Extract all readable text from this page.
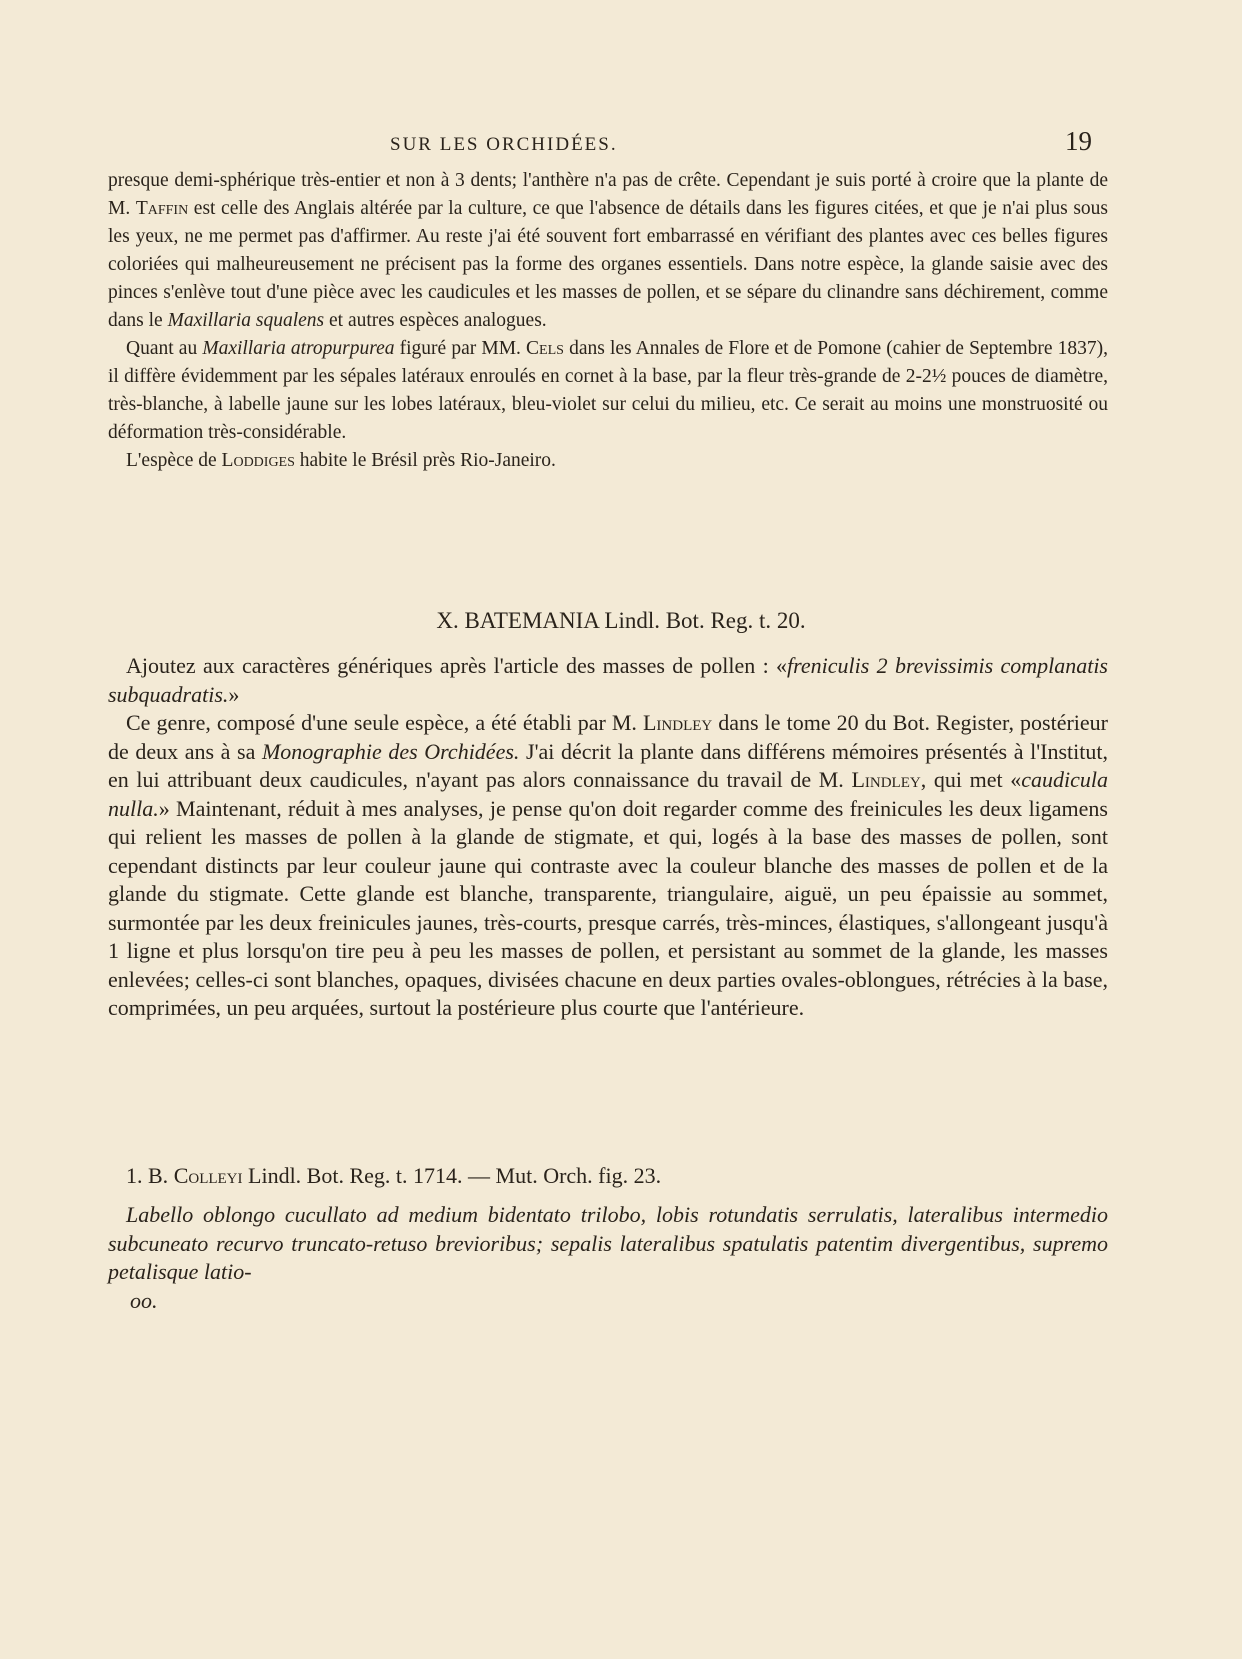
SUR LES ORCHIDÉES.	19

presque demi-sphérique très-entier et non à 3 dents; l'anthère n'a pas de crête. Cependant je suis porté à croire que la plante de M. Taffin est celle des Anglais altérée par la culture, ce que l'absence de détails dans les figures citées, et que je n'ai plus sous les yeux, ne me permet pas d'affirmer. Au reste j'ai été souvent fort embarrassé en vérifiant des plantes avec ces belles figures coloriées qui malheureusement ne précisent pas la forme des organes essentiels. Dans notre espèce, la glande saisie avec des pinces s'enlève tout d'une pièce avec les caudicules et les masses de pollen, et se sépare du clinandre sans déchirement, comme dans le Maxillaria squalens et autres espèces analogues.

Quant au Maxillaria atropurpurea figuré par MM. Cels dans les Annales de Flore et de Pomone (cahier de Septembre 1837), il diffère évidemment par les sépales latéraux enroulés en cornet à la base, par la fleur très-grande de 2-2½ pouces de diamètre, très-blanche, à labelle jaune sur les lobes latéraux, bleu-violet sur celui du milieu, etc. Ce serait au moins une monstruosité ou déformation très-considérable.

L'espèce de Loddiges habite le Brésil près Rio-Janeiro.

X. BATEMANIA Lindl. Bot. Reg. t. 20.

Ajoutez aux caractères génériques après l'article des masses de pollen : «freniculis 2 brevissimis complanatis subquadratis.»

Ce genre, composé d'une seule espèce, a été établi par M. Lindley dans le tome 20 du Bot. Register, postérieur de deux ans à sa Monographie des Orchidées. J'ai décrit la plante dans différens mémoires présentés à l'Institut, en lui attribuant deux caudicules, n'ayant pas alors connaissance du travail de M. Lindley, qui met «caudicula nulla.» Maintenant, réduit à mes analyses, je pense qu'on doit regarder comme des freinicules les deux ligamens qui relient les masses de pollen à la glande de stigmate, et qui, logés à la base des masses de pollen, sont cependant distincts par leur couleur jaune qui contraste avec la couleur blanche des masses de pollen et de la glande du stigmate. Cette glande est blanche, transparente, triangulaire, aiguë, un peu épaissie au sommet, surmontée par les deux freinicules jaunes, très-courts, presque carrés, très-minces, élastiques, s'allongeant jusqu'à 1 ligne et plus lorsqu'on tire peu à peu les masses de pollen, et persistant au sommet de la glande, les masses enlevées; celles-ci sont blanches, opaques, divisées chacune en deux parties ovales-oblongues, rétrécies à la base, comprimées, un peu arquées, surtout la postérieure plus courte que l'antérieure.

1. B. Colleyi Lindl. Bot. Reg. t. 1714. — Mut. Orch. fig. 23.

Labello oblongo cucullato ad medium bidentato trilobo, lobis rotundatis serrulatis, lateralibus intermedio subcuneato recurvo truncato-retuso brevioribus; sepalis lateralibus spatulatis patentim divergentibus, supremo petalisque latio-

oo.
